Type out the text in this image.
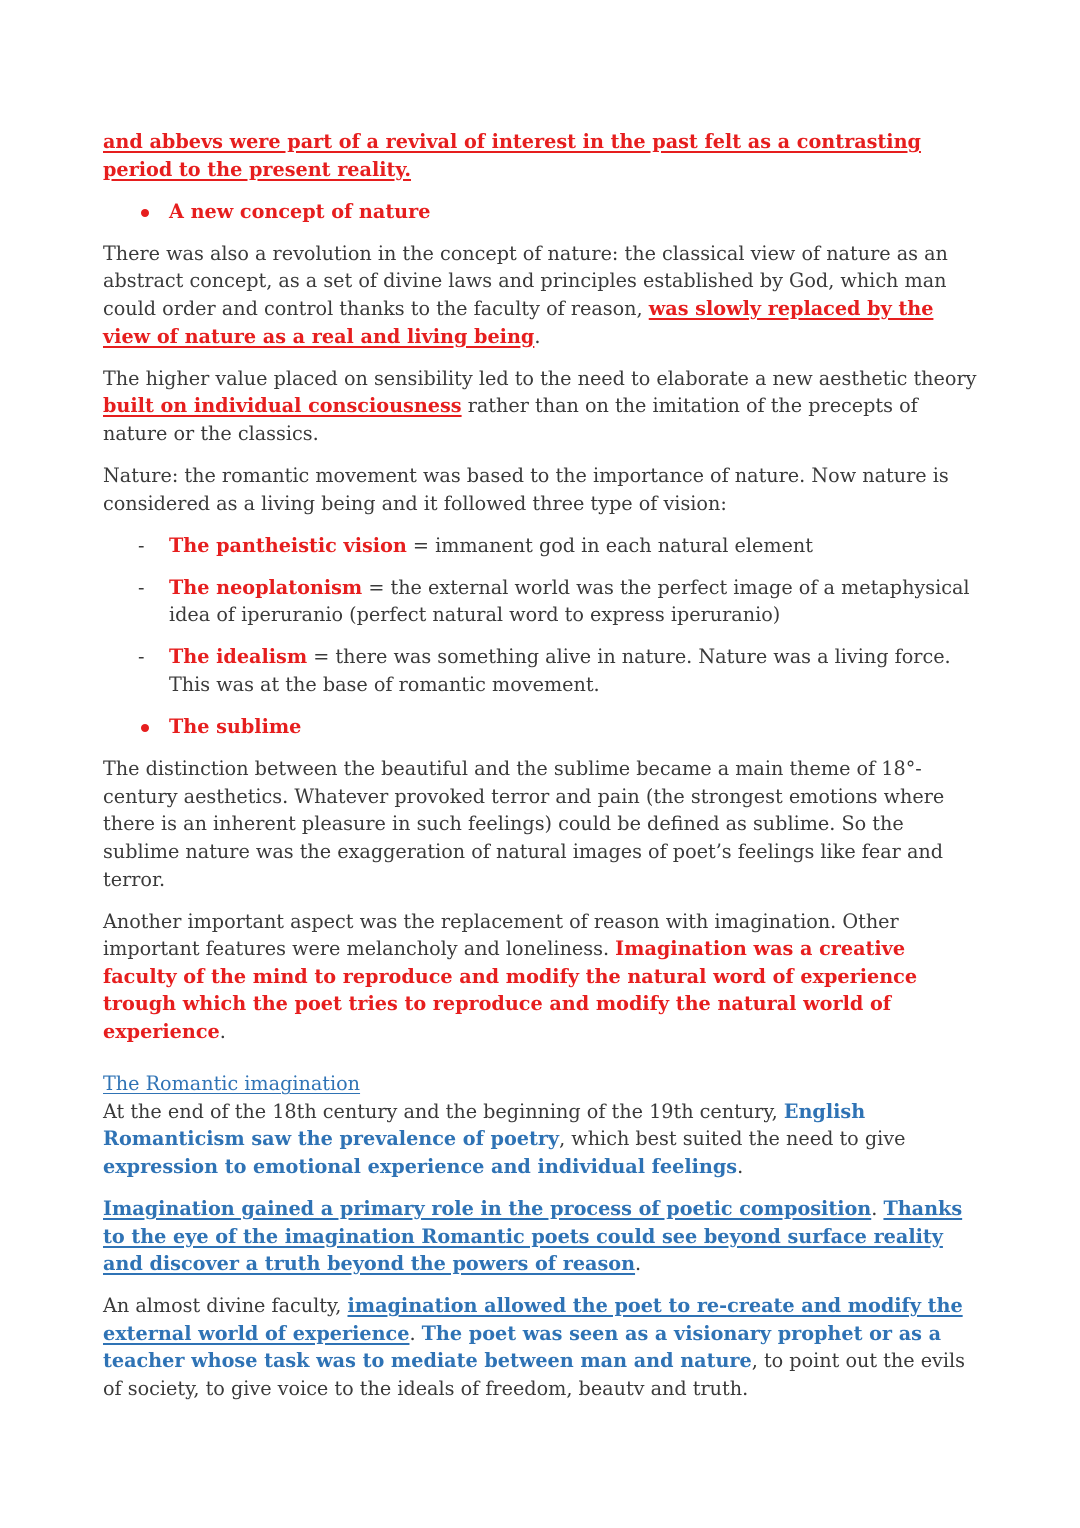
and abbevs were part of a revival of interest in the past felt as a contrasting period to the present reality.

A new concept of nature

There was also a revolution in the concept of nature: the classical view of nature as an abstract concept, as a set of divine laws and principles established by God, which man could order and control thanks to the faculty of reason, was slowly replaced by the view of nature as a real and living being.

The higher value placed on sensibility led to the need to elaborate a new aesthetic theory built on individual consciousness rather than on the imitation of the precepts of nature or the classics.

Nature: the romantic movement was based to the importance of nature. Now nature is considered as a living being and it followed three type of vision:

- The pantheistic vision = immanent god in each natural element
- The neoplatonism = the external world was the perfect image of a metaphysical idea of iperuranio (perfect natural word to express iperuranio)
- The idealism = there was something alive in nature. Nature was a living force. This was at the base of romantic movement.
The sublime

The distinction between the beautiful and the sublime became a main theme of 18°-century aesthetics. Whatever provoked terror and pain (the strongest emotions where there is an inherent pleasure in such feelings) could be defined as sublime. So the sublime nature was the exaggeration of natural images of poet’s feelings like fear and terror.

Another important aspect was the replacement of reason with imagination. Other important features were melancholy and loneliness. Imagination was a creative faculty of the mind to reproduce and modify the natural word of experience trough which the poet tries to reproduce and modify the natural world of experience.

The Romantic imagination

At the end of the 18th century and the beginning of the 19th century, English Romanticism saw the prevalence of poetry, which best suited the need to give expression to emotional experience and individual feelings.

Imagination gained a primary role in the process of poetic composition. Thanks to the eye of the imagination Romantic poets could see beyond surface reality and discover a truth beyond the powers of reason.

An almost divine faculty, imagination allowed the poet to re-create and modify the external world of experience. The poet was seen as a visionary prophet or as a teacher whose task was to mediate between man and nature, to point out the evils of society, to give voice to the ideals of freedom, beautv and truth.
